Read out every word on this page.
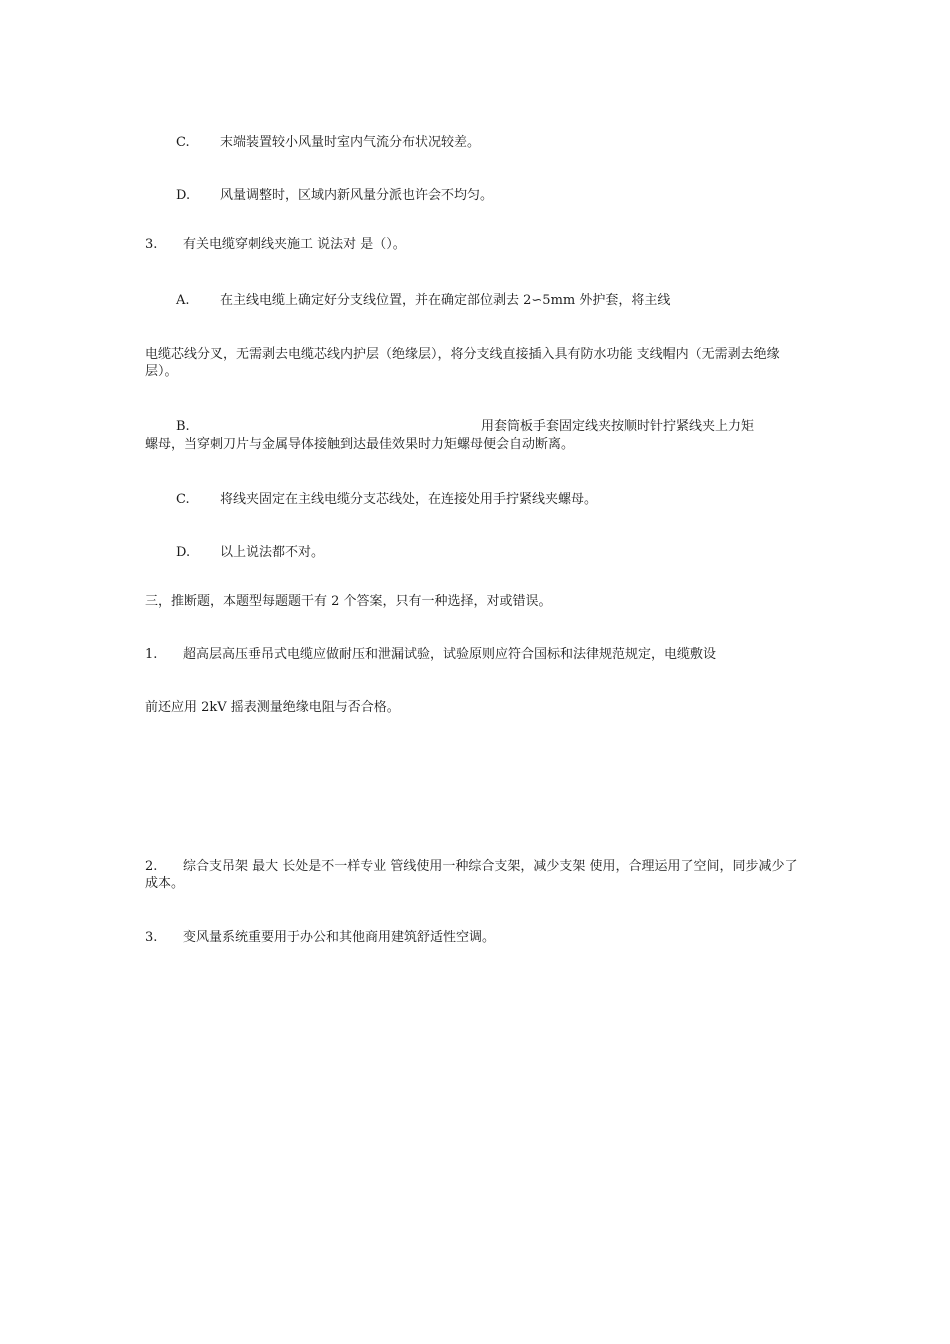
C. 末端装置较小风量时室内气流分布状况较差。
D. 风量调整时，区域内新风量分派也许会不均匀。
3. 有关电缆穿刺线夹施工 说法对 是（）。
A. 在主线电缆上确定好分支线位置，并在确定部位剥去 2∽5mm 外护套，将主线
电缆芯线分叉，无需剥去电缆芯线内护层（绝缘层），将分支线直接插入具有防水功能 支线帽内（无需剥去绝缘层）。
B.	用套筒板手套固定线夹按顺时针拧紧线夹上力矩
螺母，当穿刺刀片与金属导体接触到达最佳效果时力矩螺母便会自动断离。
C. 将线夹固定在主线电缆分支芯线处，在连接处用手拧紧线夹螺母。
D. 以上说法都不对。
三，推断题，本题型每题题干有 2 个答案，只有一种选择，对或错误。
1. 超高层高压垂吊式电缆应做耐压和泄漏试验，试验原则应符合国标和法律规范规定，电缆敷设
前还应用 2kV 摇表测量绝缘电阻与否合格。
2.	综合支吊架 最大 长处是不一样专业 管线使用一种综合支架，减少支架 使用，合理运用了空间，同步减少了成本。
3. 变风量系统重要用于办公和其他商用建筑舒适性空调。
